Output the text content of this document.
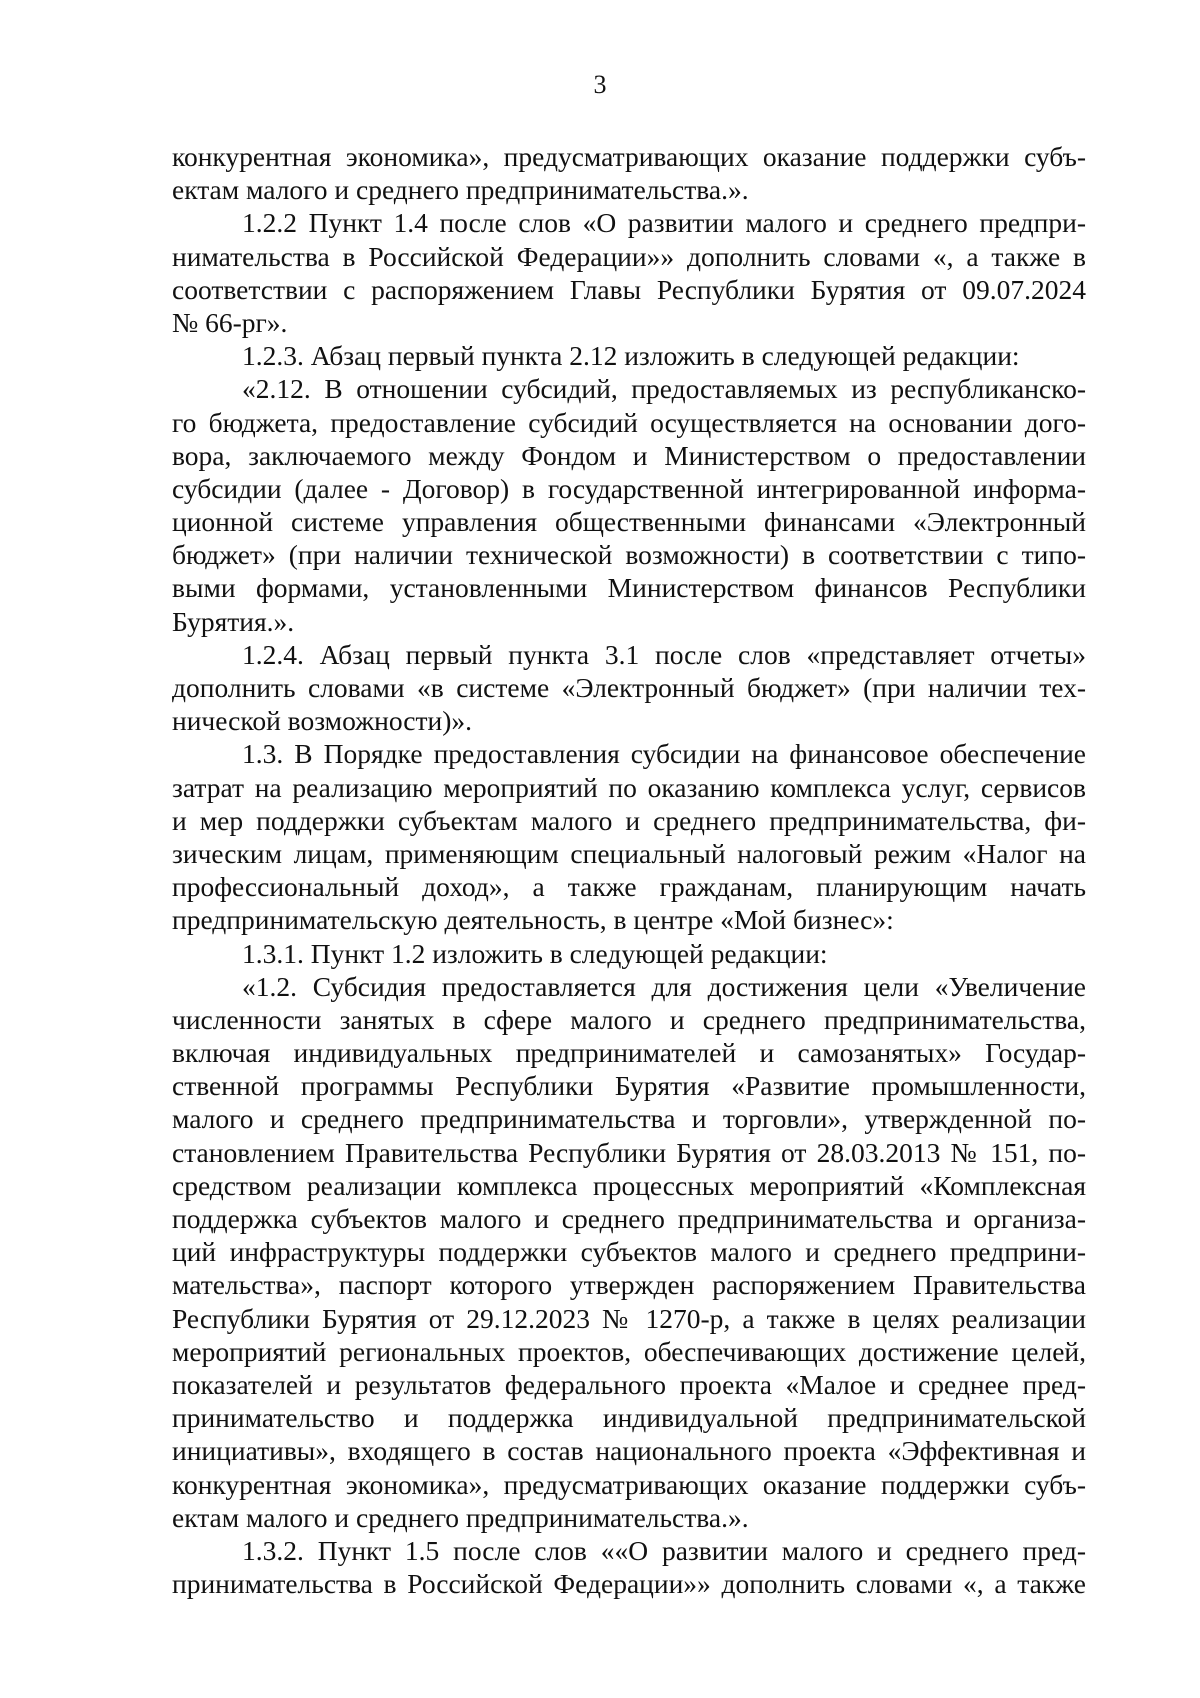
3
конкурентная экономика», предусматривающих оказание поддержки субъ-
ектам малого и среднего предпринимательства.».
1.2.2 Пункт 1.4 после слов «О развитии малого и среднего предпри-
нимательства в Российской Федерации»» дополнить словами «, а также в
соответствии с распоряжением Главы Республики Бурятия от 09.07.2024
№ 66-рг».
1.2.3. Абзац первый пункта 2.12 изложить в следующей редакции:
«2.12. В отношении субсидий, предоставляемых из республиканско-
го бюджета, предоставление субсидий осуществляется на основании дого-
вора, заключаемого между Фондом и Министерством о предоставлении
субсидии (далее - Договор) в государственной интегрированной информа-
ционной системе управления общественными финансами «Электронный
бюджет» (при наличии технической возможности) в соответствии с типо-
выми формами, установленными Министерством финансов Республики
Бурятия.».
1.2.4. Абзац первый пункта 3.1 после слов «представляет отчеты»
дополнить словами «в системе «Электронный бюджет» (при наличии тех-
нической возможности)».
1.3. В Порядке предоставления субсидии на финансовое обеспечение
затрат на реализацию мероприятий по оказанию комплекса услуг, сервисов
и мер поддержки субъектам малого и среднего предпринимательства, фи-
зическим лицам, применяющим специальный налоговый режим «Налог на
профессиональный доход», а также гражданам, планирующим начать
предпринимательскую деятельность, в центре «Мой бизнес»:
1.3.1. Пункт 1.2 изложить в следующей редакции:
«1.2. Субсидия предоставляется для достижения цели «Увеличение
численности занятых в сфере малого и среднего предпринимательства,
включая индивидуальных предпринимателей и самозанятых» Государ-
ственной программы Республики Бурятия «Развитие промышленности,
малого и среднего предпринимательства и торговли», утвержденной по-
становлением Правительства Республики Бурятия от 28.03.2013 № 151, по-
средством реализации комплекса процессных мероприятий «Комплексная
поддержка субъектов малого и среднего предпринимательства и организа-
ций инфраструктуры поддержки субъектов малого и среднего предприни-
мательства», паспорт которого утвержден распоряжением Правительства
Республики Бурятия от 29.12.2023 № 1270-р, а также в целях реализации
мероприятий региональных проектов, обеспечивающих достижение целей,
показателей и результатов федерального проекта «Малое и среднее пред-
принимательство и поддержка индивидуальной предпринимательской
инициативы», входящего в состав национального проекта «Эффективная и
конкурентная экономика», предусматривающих оказание поддержки субъ-
ектам малого и среднего предпринимательства.».
1.3.2. Пункт 1.5 после слов ««О развитии малого и среднего пред-
принимательства в Российской Федерации»» дополнить словами «, а также
